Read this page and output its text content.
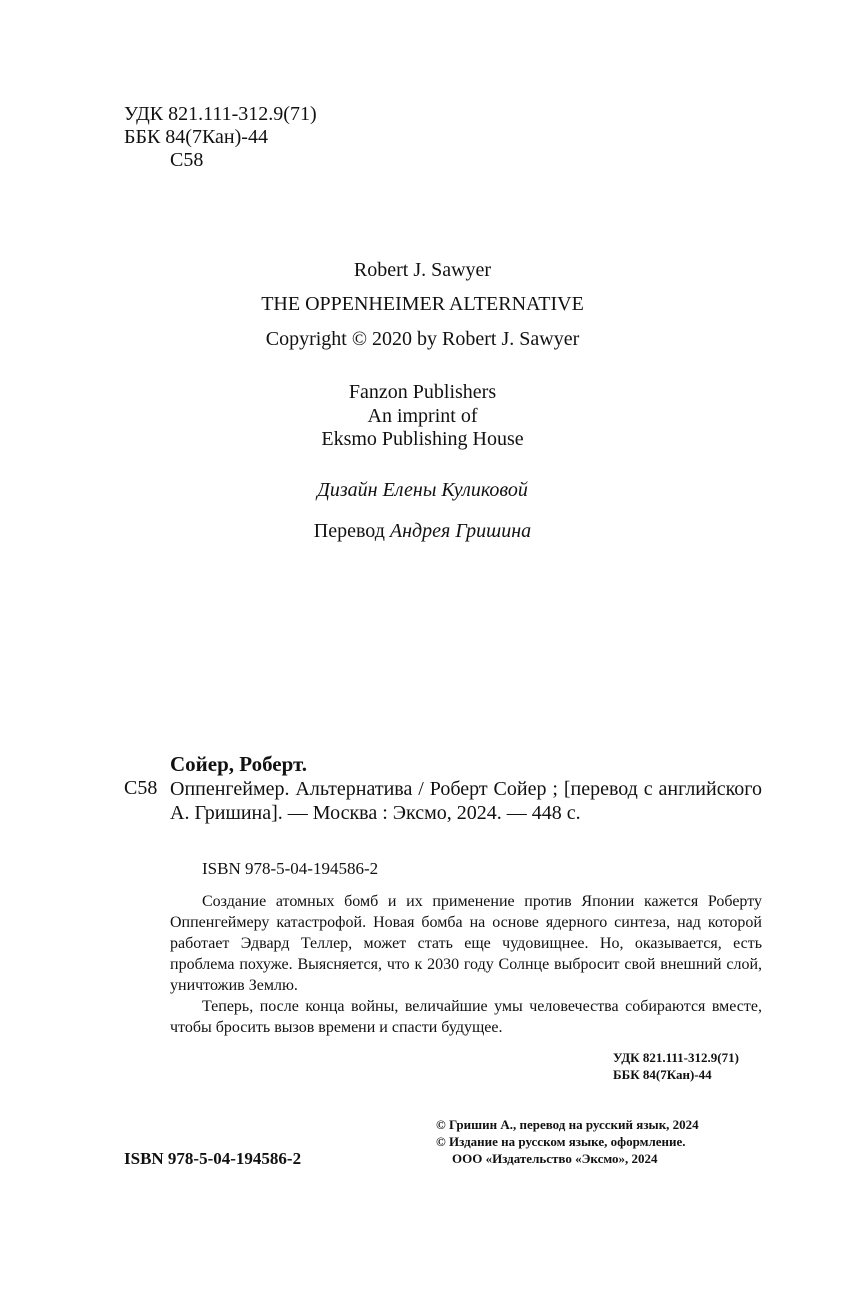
УДК 821.111-312.9(71)
ББК 84(7Кан)-44
С58
Robert J. Sawyer
THE OPPENHEIMER ALTERNATIVE
Copyright © 2020 by Robert J. Sawyer
Fanzon Publishers
An imprint of
Eksmo Publishing House
Дизайн Елены Куликовой
Перевод Андрея Гришина
Сойер, Роберт.
С58 Оппенгеймер. Альтернатива / Роберт Сойер ; [перевод с английского А. Гришина]. — Москва : Эксмо, 2024. — 448 с.
ISBN 978-5-04-194586-2

Создание атомных бомб и их применение против Японии кажется Роберту Оппенгеймеру катастрофой. Новая бомба на основе ядерного синтеза, над которой работает Эдвард Теллер, может стать еще чудовищнее. Но, оказывается, есть проблема похуже. Выясняется, что к 2030 году Солнце выбросит свой внешний слой, уничтожив Землю.

Теперь, после конца войны, величайшие умы человечества собираются вместе, чтобы бросить вызов времени и спасти будущее.

УДК 821.111-312.9(71)
ББК 84(7Кан)-44
ISBN 978-5-04-194586-2
© Гришин А., перевод на русский язык, 2024
© Издание на русском языке, оформление.
ООО «Издательство «Эксмо», 2024
